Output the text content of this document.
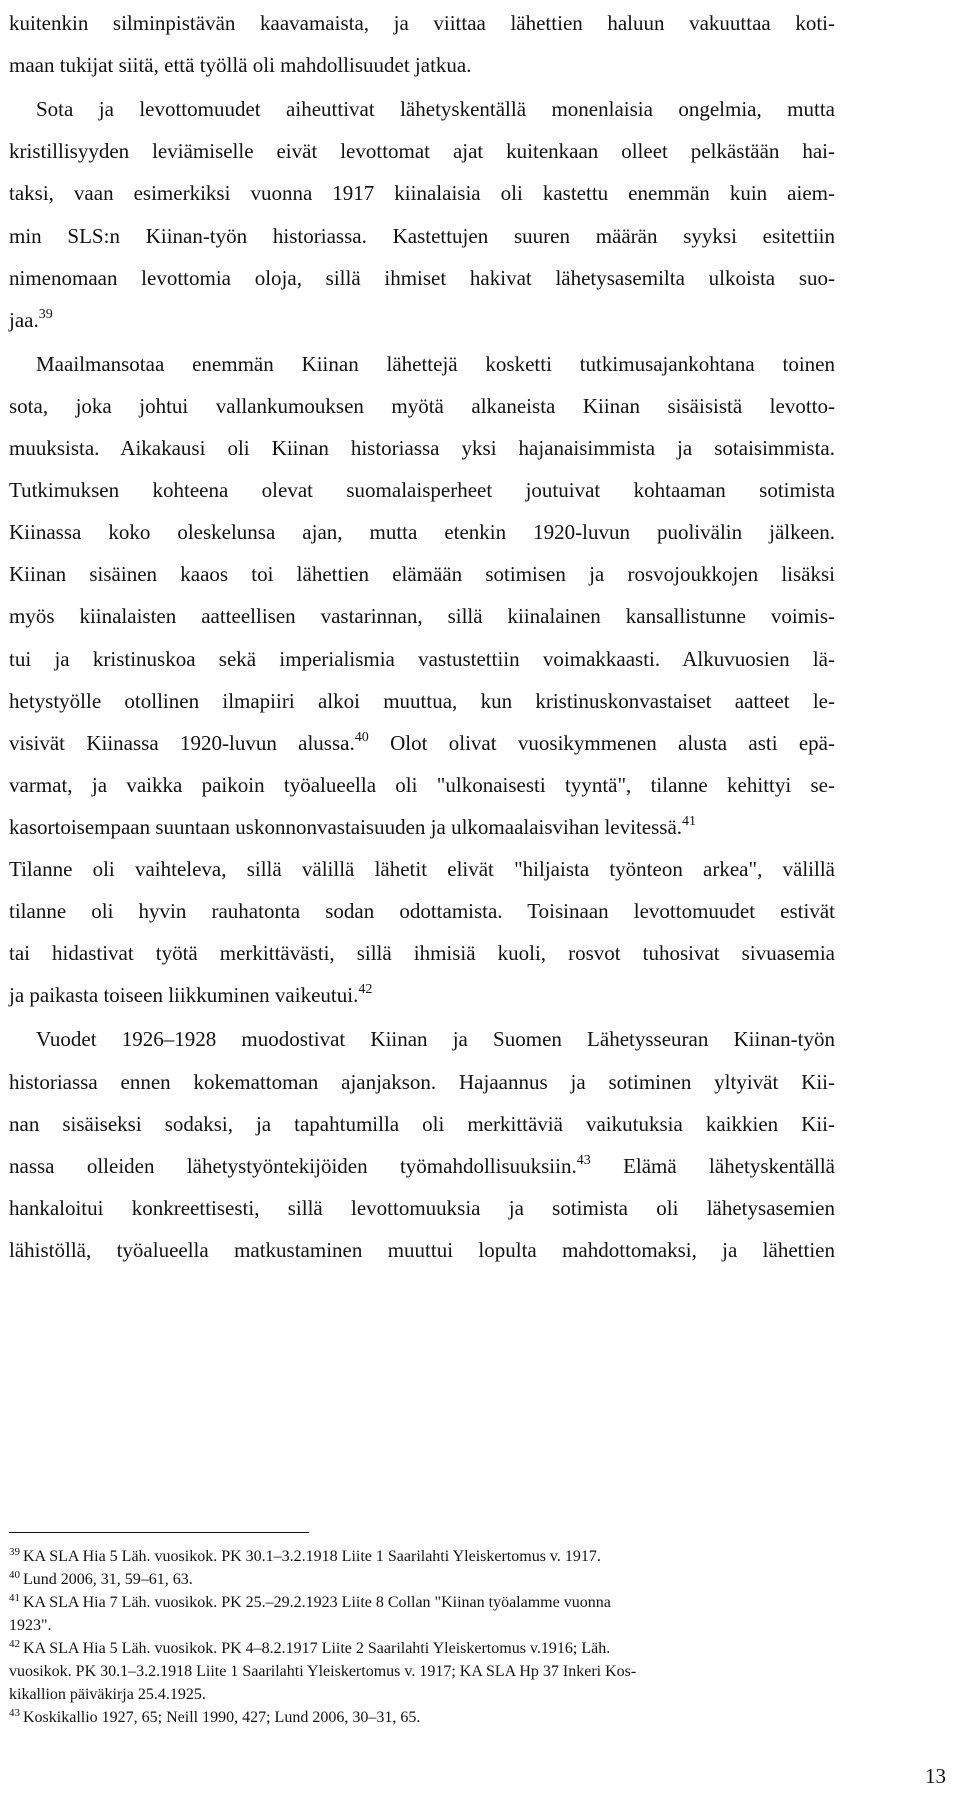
kuitenkin silminpistävän kaavamaista, ja viittaa lähettien haluun vakuuttaa koti-
maan tukijat siitä, että työllä oli mahdollisuudet jatkua.
Sota ja levottomuudet aiheuttivat lähetyskentällä monenlaisia ongelmia, mutta
kristillisyyden leviämiselle eivät levottomat ajat kuitenkaan olleet pelkästään hai-
taksi, vaan esimerkiksi vuonna 1917 kiinalaisia oli kastettu enemmän kuin aiem-
min SLS:n Kiinan-työn historiassa. Kastettujen suuren määrän syyksi esitettiin
nimenomaan levottomia oloja, sillä ihmiset hakivat lähetysasemilta ulkoista suo-
jaa.$^{39}$
Maailmansotaa enemmän Kiinan lähettejä kosketti tutkimusajankohtana toinen
sota, joka johtui vallankumouksen myötä alkaneista Kiinan sisäisistä levotto-
muuksista. Aikakausi oli Kiinan historiassa yksi hajanaisimmista ja sotaisimmista.
Tutkimuksen kohteena olevat suomalaisperheet joutuivat kohtaaman sotimista
Kiinassa koko oleskelunsa ajan, mutta etenkin 1920-luvun puolivälin jälkeen.
Kiinan sisäinen kaaos toi lähettien elämään sotimisen ja rosvojoukkojen lisäksi
myös kiinalaisten aatteellisen vastarinnan, sillä kiinalainen kansallistunne voimis-
tui ja kristinuskoa sekä imperialismia vastustettiin voimakkaasti. Alkuvuosien lä-
hetystyölle otollinen ilmapiiri alkoi muuttua, kun kristinuskonvastaiset aatteet le-
visivät Kiinassa 1920-luvun alussa.$^{40}$ Olot olivat vuosikymmenen alusta asti epä-
varmat, ja vaikka paikoin työalueella oli "ulkonaisesti tyyntä", tilanne kehittyi se-
kasortoisempaan suuntaan uskonnonvastaisuuden ja ulkomaalaisvihan levitessä.$^{41}$
Tilanne oli vaihteleva, sillä välillä lähetit elivät "hiljaista työnteon arkea", välillä
tilanne oli hyvin rauhatonta sodan odottamista. Toisinaan levottomuudet estivät
tai hidastivat työtä merkittävästi, sillä ihmisiä kuoli, rosvot tuhosivat sivuasemia
ja paikasta toiseen liikkuminen vaikeutui.$^{42}$
Vuodet 1926–1928 muodostivat Kiinan ja Suomen Lähetysseuran Kiinan-työn
historiassa ennen kokemattoman ajanjakson. Hajaannus ja sotiminen yltyivät Kii-
nan sisäiseksi sodaksi, ja tapahtumilla oli merkittäviä vaikutuksia kaikkien Kii-
nassa olleiden lähetystyöntekijöiden työmahdollisuuksiin.$^{43}$ Elämä lähetyskentällä
hankaloitui konkreettisesti, sillä levottomuuksia ja sotimista oli lähetysasemien
lähistöllä, työalueella matkustaminen muuttui lopulta mahdottomaksi, ja lähettien
$^{39}$ KA SLA Hia 5 Läh. vuosikok. PK 30.1–3.2.1918 Liite 1 Saarilahti Yleiskertomus v. 1917.
$^{40}$ Lund 2006, 31, 59–61, 63.
$^{41}$ KA SLA Hia 7 Läh. vuosikok. PK 25.–29.2.1923 Liite 8 Collan "Kiinan työalamme vuonna
1923".
$^{42}$ KA SLA Hia 5 Läh. vuosikok. PK 4–8.2.1917 Liite 2 Saarilahti Yleiskertomus v.1916; Läh.
vuosikok. PK 30.1–3.2.1918 Liite 1 Saarilahti Yleiskertomus v. 1917; KA SLA Hp 37 Inkeri Kos-
kikallion päiväkirja 25.4.1925.
$^{43}$ Koskikallio 1927, 65; Neill 1990, 427; Lund 2006, 30–31, 65.
13
